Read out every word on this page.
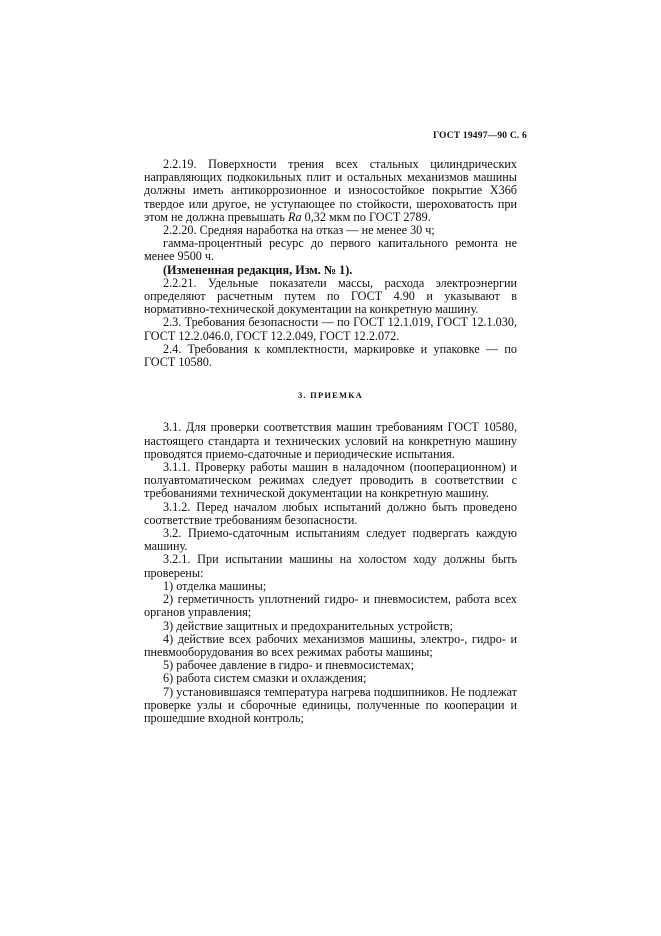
ГОСТ 19497—90 С. 6

2.2.19. Поверхности трения всех стальных цилиндрических направляющих подкокильных плит и остальных механизмов машины должны иметь антикоррозионное и износостойкое покрытие Х36б твердое или другое, не уступающее по стойкости, шероховатость при этом не должна превышать Ra 0,32 мкм по ГОСТ 2789.

2.2.20. Средняя наработка на отказ — не менее 30 ч;

гамма-процентный ресурс до первого капитального ремонта не менее 9500 ч.

(Измененная редакция, Изм. № 1).

2.2.21. Удельные показатели массы, расхода электроэнергии определяют расчетным путем по ГОСТ 4.90 и указывают в нормативно-технической документации на конкретную машину.

2.3. Требования безопасности — по ГОСТ 12.1.019, ГОСТ 12.1.030, ГОСТ 12.2.046.0, ГОСТ 12.2.049, ГОСТ 12.2.072.

2.4. Требования к комплектности, маркировке и упаковке — по ГОСТ 10580.

3. ПРИЕМКА

3.1. Для проверки соответствия машин требованиям ГОСТ 10580, настоящего стандарта и технических условий на конкретную машину проводятся приемо-сдаточные и периодические испытания.

3.1.1. Проверку работы машин в наладочном (пооперационном) и полуавтоматическом режимах следует проводить в соответствии с требованиями технической документации на конкретную машину.

3.1.2. Перед началом любых испытаний должно быть проведено соответствие требованиям безопасности.

3.2. Приемо-сдаточным испытаниям следует подвергать каждую машину.

3.2.1. При испытании машины на холостом ходу должны быть проверены:

1) отделка машины;

2) герметичность уплотнений гидро- и пневмосистем, работа всех органов управления;

3) действие защитных и предохранительных устройств;

4) действие всех рабочих механизмов машины, электро-, гидро- и пневмооборудования во всех режимах работы машины;

5) рабочее давление в гидро- и пневмосистемах;

6) работа систем смазки и охлаждения;

7) установившаяся температура нагрева подшипников. Не подлежат проверке узлы и сборочные единицы, полученные по кооперации и прошедшие входной контроль;
